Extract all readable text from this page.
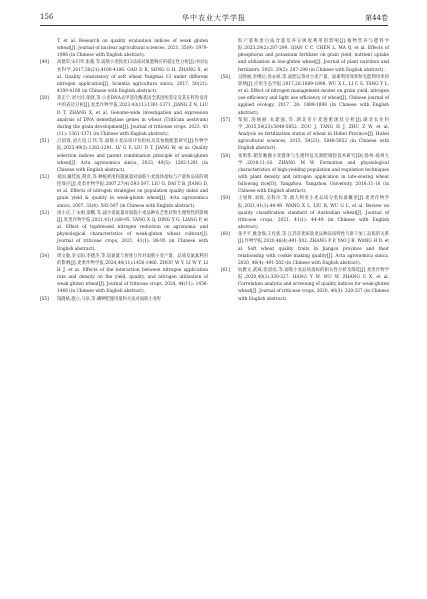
156	华中农业大学学报	第44卷
T, et al. Research on quality evaluation indices of weak gluten wheat[J]. Journal of nuclear agricultural sciences, 2021, 35(9): 1979-1986 (in Chinese with English abstract).
[49]	高德荣,宋归华,张晓,等.弱筋小麦扬麦13品质对氮肥响应的稳定性分析[J].中国农业科学,2017,50(21):4100-4106. GAO D R, SONG G H, ZHANG X, et al. Quality consistency of soft wheat Yangmai 13 under different nitrogen application[J]. Scientia agricultura sinica, 2017, 50(21): 4100-4106 (in Chinese with English abstract).
[50]	蒋正宁,刘大同,张晓,等.小麦DNA去甲基化酶基因全基因组鉴定及其在籽粒发育中的表达分析[J].麦类作物学报,2023,43(11):1361-1371. JIANG Z N, LIU D T, ZHANG X, et al. Genome-wide investigation and expression analysis of DNA demethylase genes in wheat (Triticum aestivum) during the grain development[J]. Journal of triticeae crops, 2023, 43 (11): 1361-1371 (in Chinese with English abstract).
[51]	吕国锋,刘大同,江伟,等.弱筋小麦品质评价指标及其参数配套研究[J].作物学报,2023,49(5):1282-1291. LV G F, LIU D T, JIANG W, et al. Quality selection indices and parent combination principle of weak-gluten wheat[J]. Acta agronomica sinica, 2023, 49(5): 1282-1291 (in Chinese with English abstract).
[52]	刘国,戴廷波,荆奇,等.种植密度和施氮量对弱筋小麦群体指标与产量和品质的调控效应[J].麦类作物学报,2007,27(4):593-597. LIU G, DAI T B, JIANG D, et al. Effects of nitrogen strategies on population quality index and grain yield & quality in weak-gluten wheat[J]. Acta agronomica sinica, 2007, 33(4): 593-597 (in Chinese with English abstract).
[53]	汤小庆,丁永刚,梁鹏,等.减少追氮量对弱筋小麦品种农艺性状和生理特性的影响[J].麦类作物学报,2021,41(1):88-95. TANG X Q, DING Y G, LIANG P, et al. Effect of topdressed nitrogen reduction on agronomic and physiological characteristics of weak-gluten wheat cultivar[J]. Journal of triticeae crops, 2021, 41(1): 88-95 (in Chinese with English abstract).
[54]	周文敏,李文阳,李德杰,等.追氮量与密度互作对弱筋小麦产量、品质及氮素利用的影响[J].麦类作物学报,2024,44(11):1456-1466. ZHOU W Y, LI W Y, LI H J, et al. Effects of the interaction between nitrogen application rate and density on the yield, quality, and nitrogen utilization of weak gluten wheat[J]. Journal of triticeae crops, 2024, 44(11): 1456-1466 (in Chinese with English abstract).
[55]	钱晓斌,施立,马泉,等.磷钾肥施用量和方法对弱筋小麦籽
粒产量和蛋白质含量及养分吸收利用的影响[J].植物营养与肥料学报,2023,29(2):287-299. QIAN C C, CHEN L, MA Q, et al. Effects of phosphorus and potassium fertilizer on grain yield, nutrient uptake and utilization in low-gluten wheat[J]. Journal of plant nutrition and fertilizers, 2023, 29(2): 287-299 (in Chinese with English abstract).
[56]	吴晓丽,李纲岳,汤永禄,等.氮肥运筹对小麦产量、氮素利用效率和光能利用率的影响[J].应用生态学报,2017,28:1889-1898. WU X L, LI C S, TANG Y L, et al. Effect of nitrogen management modes on grain yield, nitrogen use efficiency and light use efficiency of wheat[J]. Chinese journal of applied ecology, 2017, 28: 1889-1898 (in Chinese with English abstract).
[57]	邹娟,汤丽丽,朱建强,等.湖北省小麦施肥现状分析[J].湖北农业科学,2015,54(23):5848-5852. ZOU J, TANG H J, ZHU Z W, et al. Analysis on fertilization status of wheat in Hubei Province[J]. Hubei agricultural sciences, 2015, 54(23): 5848-5852 (in Chinese with English abstract).
[58]	张明伟.稻茬晚播小麦群体与生理特征及调肥调控技术研究[D].扬州:扬州大学,2018:11-16. ZHANG M W. Formation and physiological characteristics of high-yielding population and regulation techniques with plant density and nitrogen application in late-sowing wheat following rice[D]. Yangzhou: Yangzhou University, 2018:11-16 (in Chinese with English abstract).
[59]	王旭辉,刘锐,吴科玲,等.澳大利亚小麦品质分类标准概述[J].麦类作物学报,2021,41(1):44-49. WANG X L, LIU R, WU G L, et al. Review on quality classification standard of Australian wheat[J]. Journal of triticeae crops, 2021, 41(1): 44-49 (in Chinese with English abstract).
[60]	张平平,姚金保,王化新,等.江苏省优质软麦品种品质特性与饼干加工品质的关系[J].作物学报,2020,46(4):491-502. ZHANG P P, YAO J B, WANG H D, et al. Soft wheat quality traits in Jiangsu province and their relationship with cookie making quality[J]. Acta agronomica sinica, 2020, 46(4): 491-502 (in Chinese with English abstract).
[61]	杭雅文,武威,张晨雨,等.弱筋小麦品质指标的相关性分析及筛选[J].麦类作物学报,2020,40(3):320-327. HANG Y W, WU W, ZHANG C X, et al. Correlation analysis and screening of quality indices for weak-gluten wheat[J]. Journal of triticeae crops, 2020, 40(3): 320-327 (in Chinese with English abstract).
